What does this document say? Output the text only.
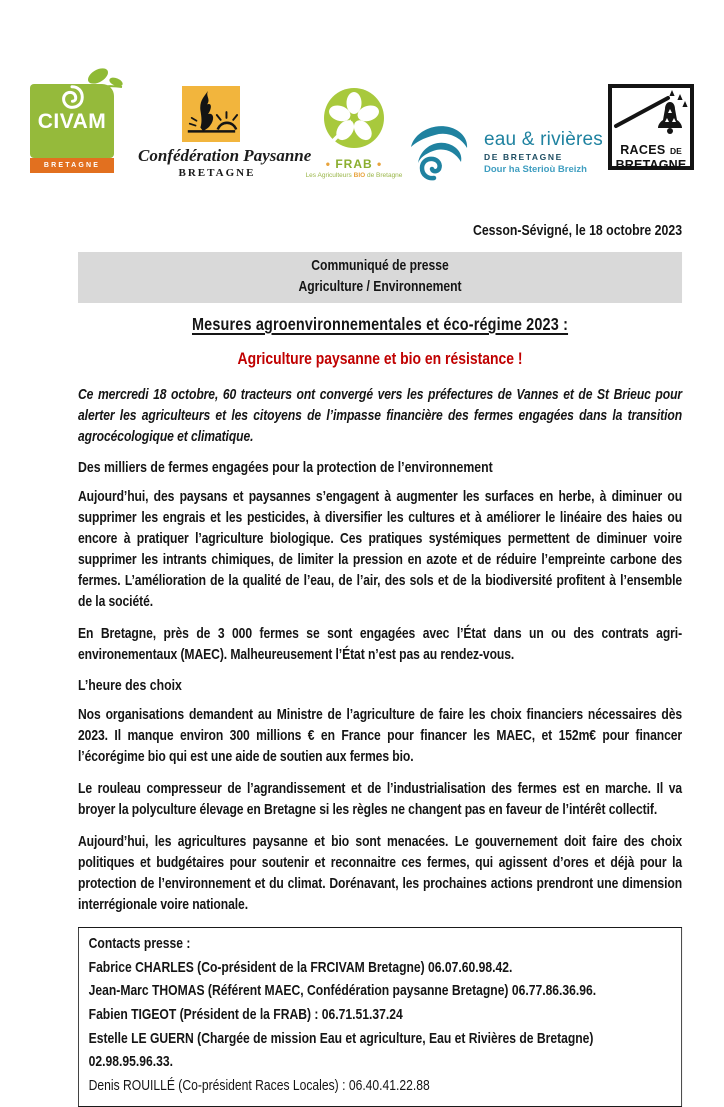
CIVAM
BRETAGNE
Confédération Paysanne
BRETAGNE
• FRAB •
Les Agriculteurs BIO de Bretagne
eau & rivières
DE BRETAGNE
Dour ha Sterioù Breizh
RACES DE
BRETAGNE
Cesson-Sévigné, le 18 octobre 2023
Communiqué de presse
Agriculture / Environnement
Mesures agroenvironnementales et éco-régime 2023 :
Agriculture paysanne et bio en résistance !

Ce mercredi 18 octobre, 60 tracteurs ont convergé vers les préfectures de Vannes et de St Brieuc pour alerter les agriculteurs et les citoyens de l’impasse financière des fermes engagées dans la transition agrocécologique et climatique.

Des milliers de fermes engagées pour la protection de l’environnement

Aujourd’hui, des paysans et paysannes s’engagent à augmenter les surfaces en herbe, à diminuer ou supprimer les engrais et les pesticides, à diversifier les cultures et à améliorer le linéaire des haies ou encore à pratiquer l’agriculture biologique. Ces pratiques systémiques permettent de diminuer voire supprimer les intrants chimiques, de limiter la pression en azote et de réduire l’empreinte carbone des fermes. L’amélioration de la qualité de l’eau, de l’air, des sols et de la biodiversité profitent à l’ensemble de la société.

En Bretagne, près de 3 000 fermes se sont engagées avec l’État dans un ou des contrats agri-environementaux (MAEC). Malheureusement l’État n’est pas au rendez-vous.

L’heure des choix

Nos organisations demandent au Ministre de l’agriculture de faire les choix financiers nécessaires dès 2023. Il manque environ 300 millions € en France pour financer les MAEC, et 152m€ pour financer l’écorégime bio qui est une aide de soutien aux fermes bio.

Le rouleau compresseur de l’agrandissement et de l’industrialisation des fermes est en marche. Il va broyer la polyculture élevage en Bretagne si les règles ne changent pas en faveur de l’intérêt collectif.

Aujourd’hui, les agricultures paysanne et bio sont menacées. Le gouvernement doit faire des choix politiques et budgétaires pour soutenir et reconnaitre ces fermes, qui agissent d’ores et déjà pour la protection de l’environnement et du climat. Dorénavant, les prochaines actions prendront une dimension interrégionale voire nationale.

Contacts presse :
Fabrice CHARLES (Co-président de la FRCIVAM Bretagne) 06.07.60.98.42.
Jean-Marc THOMAS (Référent MAEC, Confédération paysanne Bretagne) 06.77.86.36.96.
Fabien TIGEOT (Président de la FRAB) : 06.71.51.37.24
Estelle LE GUERN (Chargée de mission Eau et agriculture, Eau et Rivières de Bretagne) 02.98.95.96.33.
Denis ROUILLÉ (Co-président Races Locales) : 06.40.41.22.88
